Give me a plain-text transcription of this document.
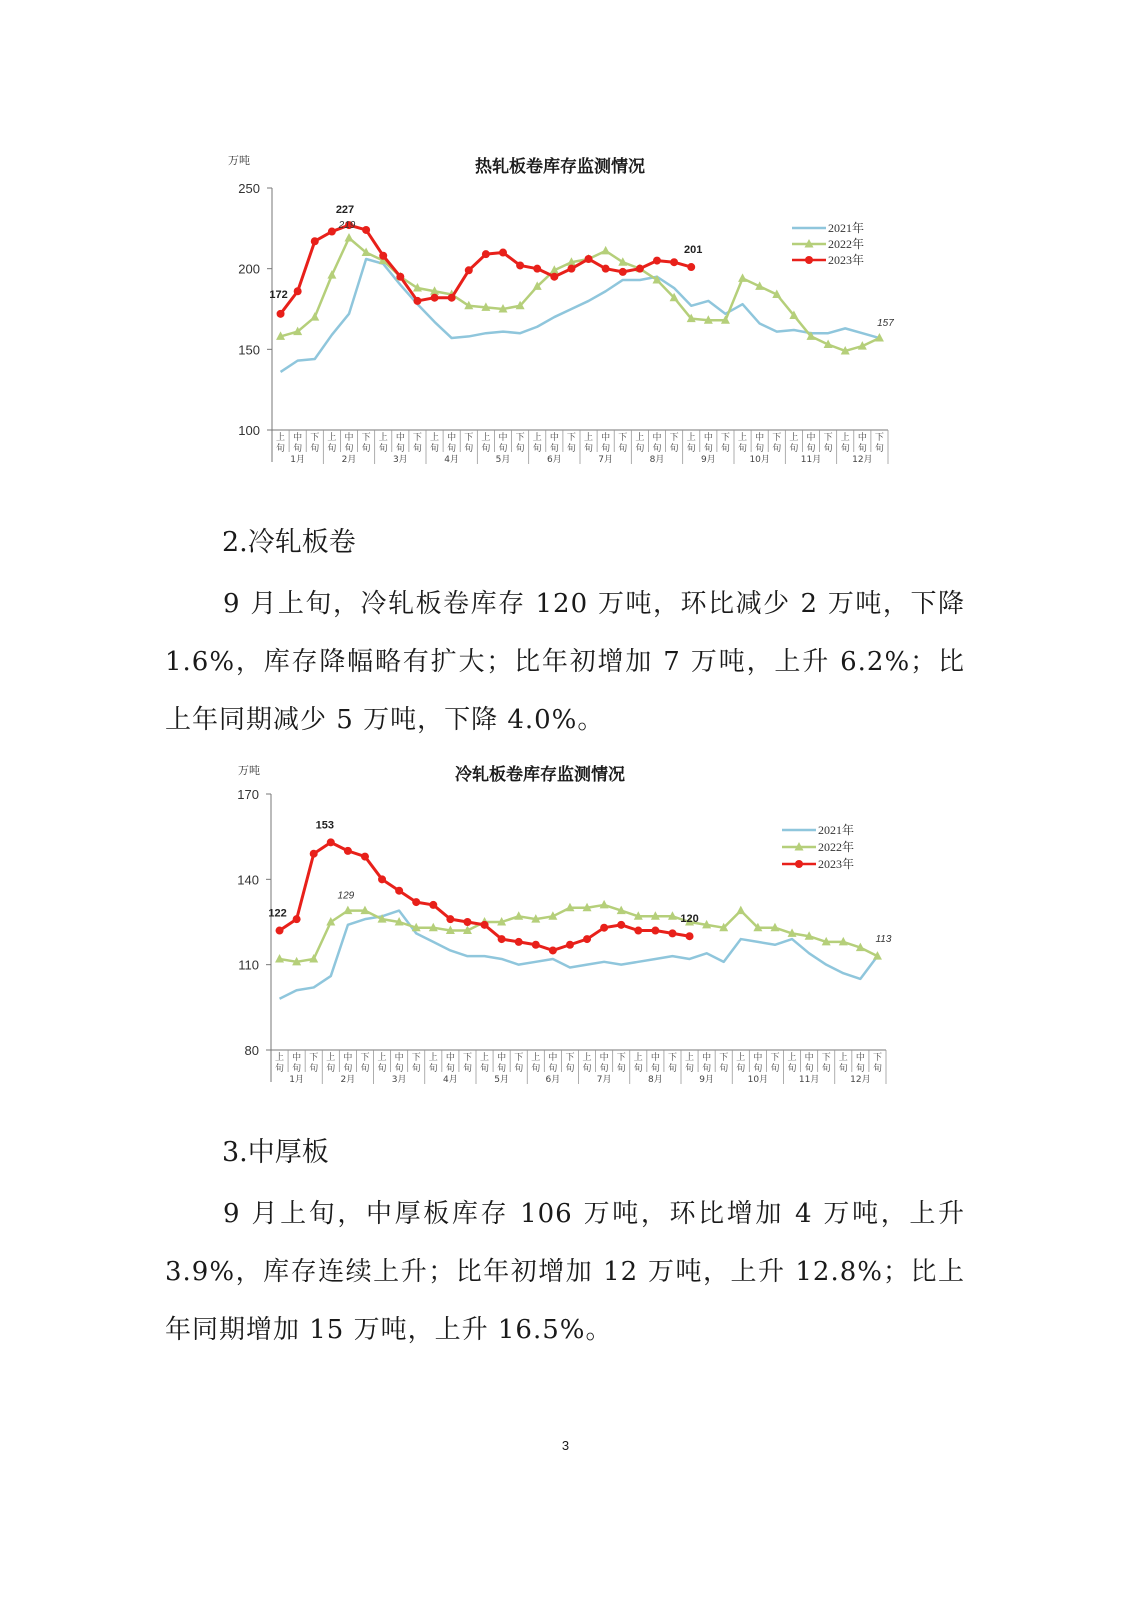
热轧板卷库存监测情况
万吨
100
150
200
250
上
旬
中
旬
下
旬
上
旬
中
旬
下
旬
上
旬
中
旬
下
旬
上
旬
中
旬
下
旬
上
旬
中
旬
下
旬
上
旬
中
旬
下
旬
上
旬
中
旬
下
旬
上
旬
中
旬
下
旬
上
旬
中
旬
下
旬
上
旬
中
旬
下
旬
上
旬
中
旬
下
旬
上
旬
中
旬
下
旬
1月	2月	3月	4月	5月	6月	7月	8月	9月	10月	11月	12月
2021年
2022年
2023年
172
227
219
201
157
2.冷轧板卷

9 月上旬，冷轧板卷库存 120 万吨，环比减少 2 万吨，下降 1.6%，库存降幅略有扩大；比年初增加 7 万吨，上升 6.2%；比上年同期减少 5 万吨，下降 4.0%。

冷轧板卷库存监测情况
万吨
80
110
140
170
上
旬
中
旬
下
旬
上
旬
中
旬
下
旬
上
旬
中
旬
下
旬
上
旬
中
旬
下
旬
上
旬
中
旬
下
旬
上
旬
中
旬
下
旬
上
旬
中
旬
下
旬
上
旬
中
旬
下
旬
上
旬
中
旬
下
旬
上
旬
中
旬
下
旬
上
旬
中
旬
下
旬
上
旬
中
旬
下
旬
1月	2月	3月	4月	5月	6月	7月	8月	9月	10月	11月	12月
2021年
2022年
2023年
122
153
129
120
113
3.中厚板

9 月上旬，中厚板库存 106 万吨，环比增加 4 万吨，上升 3.9%，库存连续上升；比年初增加 12 万吨，上升 12.8%；比上年同期增加 15 万吨，上升 16.5%。

3
